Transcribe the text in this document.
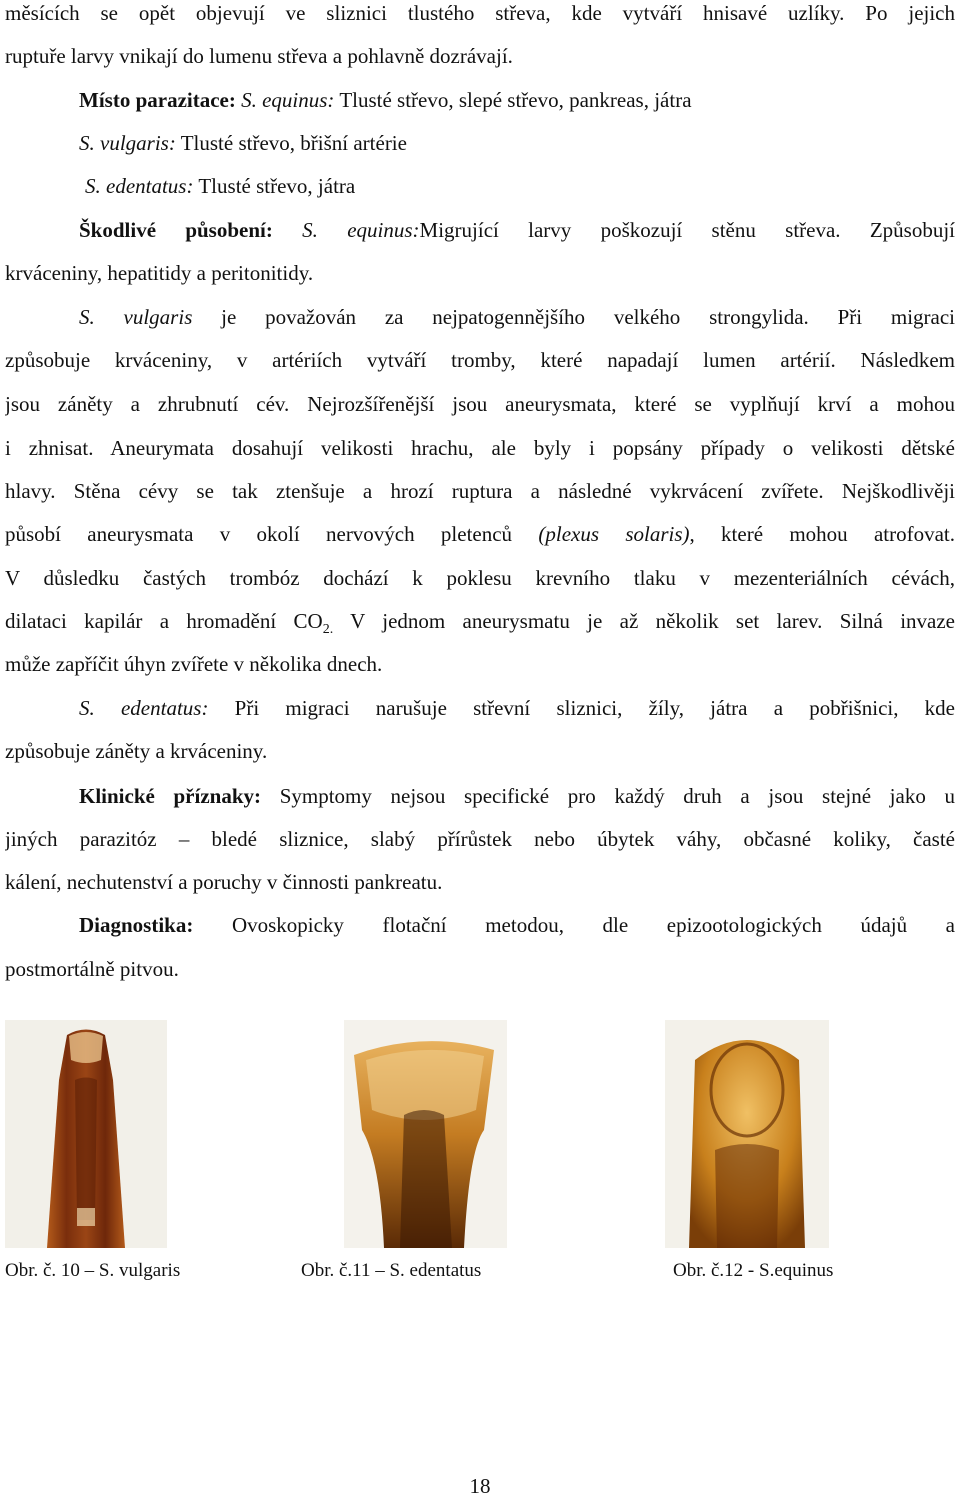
měsících se opět objevují ve sliznici tlustého střeva, kde vytváří hnisavé uzlíky. Po jejich
ruptuře larvy vnikají do lumenu střeva a pohlavně dozrávají.
Místo parazitace: S. equinus: Tlusté střevo, slepé střevo, pankreas, játra
S. vulgaris: Tlusté střevo, břišní artérie
S. edentatus: Tlusté střevo, játra
Škodlivé působení: S. equinus:Migrující larvy poškozují stěnu střeva. Způsobují
krváceniny, hepatitidy a peritonitidy.
S. vulgaris je považován za nejpatogennějšího velkého strongylida. Při migraci
způsobuje krváceniny, v artériích vytváří tromby, které napadají lumen artérií. Následkem
jsou záněty a zhrubnutí cév. Nejrozšířenější jsou aneurysmata, které se vyplňují krví a mohou
i zhnisat. Aneurymata dosahují velikosti hrachu, ale byly i popsány případy o velikosti dětské
hlavy. Stěna cévy se tak ztenšuje a hrozí ruptura a následné vykrvácení zvířete. Nejškodlivěji
působí aneurysmata v okolí nervových pletenců (plexus solaris), které mohou atrofovat.
V důsledku častých trombóz dochází k poklesu krevního tlaku v mezenteriálních cévách,
dilataci kapilár a hromadění $CO_{2.}$ V jednom aneurysmatu je až několik set larev. Silná invaze
může zapříčit úhyn zvířete v několika dnech.
S. edentatus: Při migraci narušuje střevní sliznici, žíly, játra a pobřišnici, kde
způsobuje záněty a krváceniny.
Klinické příznaky: Symptomy nejsou specifické pro každý druh a jsou stejné jako u
jiných parazitóz – bledé sliznice, slabý přírůstek nebo úbytek váhy, občasné koliky, časté
kálení, nechutenství a poruchy v činnosti pankreatu.
Diagnostika: Ovoskopicky flotační metodou, dle epizootologických údajů a
postmortálně pitvou.
Obr. č. 10 – S. vulgaris	Obr. č.11 – S. edentatus	Obr. č.12 - S.equinus
18
